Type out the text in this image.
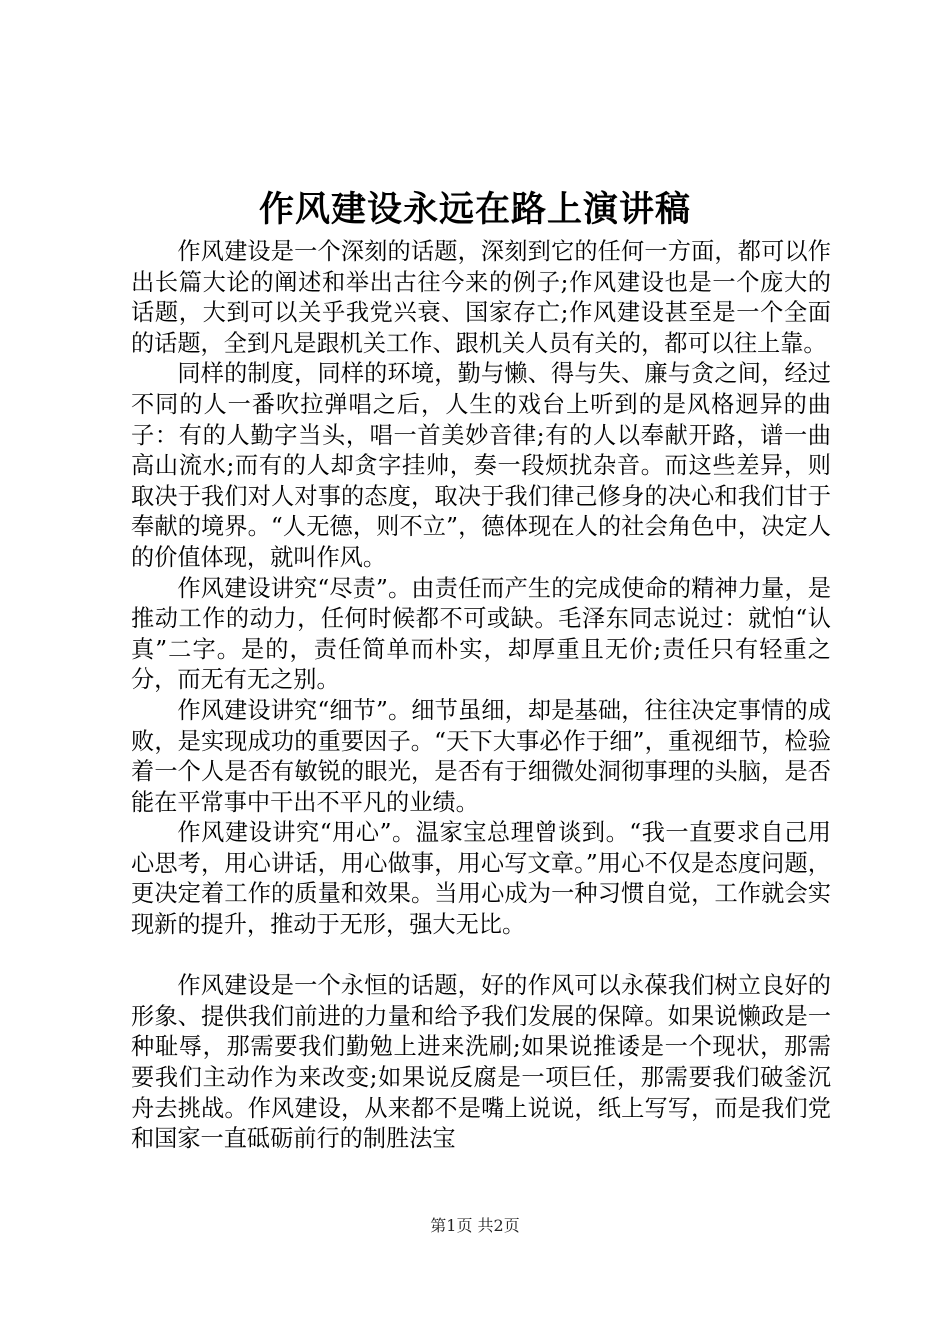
作风建设永远在路上演讲稿

作风建设是一个深刻的话题，深刻到它的任何一方面，都可以作出长篇大论的阐述和举出古往今来的例子;作风建设也是一个庞大的话题，大到可以关乎我党兴衰、国家存亡;作风建设甚至是一个全面的话题，全到凡是跟机关工作、跟机关人员有关的，都可以往上靠。

同样的制度，同样的环境，勤与懒、得与失、廉与贪之间，经过不同的人一番吹拉弹唱之后，人生的戏台上听到的是风格迥异的曲子：有的人勤字当头，唱一首美妙音律;有的人以奉献开路，谱一曲高山流水;而有的人却贪字挂帅，奏一段烦扰杂音。而这些差异，则取决于我们对人对事的态度，取决于我们律己修身的决心和我们甘于奉献的境界。“人无德，则不立”，德体现在人的社会角色中，决定人的价值体现，就叫作风。

作风建设讲究“尽责”。由责任而产生的完成使命的精神力量，是推动工作的动力，任何时候都不可或缺。毛泽东同志说过：就怕“认真”二字。是的，责任简单而朴实，却厚重且无价;责任只有轻重之分，而无有无之别。

作风建设讲究“细节”。细节虽细，却是基础，往往决定事情的成败，是实现成功的重要因子。“天下大事必作于细”，重视细节，检验着一个人是否有敏锐的眼光，是否有于细微处洞彻事理的头脑，是否能在平常事中干出不平凡的业绩。

作风建设讲究“用心”。温家宝总理曾谈到。“我一直要求自己用心思考，用心讲话，用心做事，用心写文章。”用心不仅是态度问题，更决定着工作的质量和效果。当用心成为一种习惯自觉，工作就会实现新的提升，推动于无形，强大无比。

作风建设是一个永恒的话题，好的作风可以永葆我们树立良好的形象、提供我们前进的力量和给予我们发展的保障。如果说懒政是一种耻辱，那需要我们勤勉上进来洗刷;如果说推诿是一个现状，那需要我们主动作为来改变;如果说反腐是一项巨任，那需要我们破釜沉舟去挑战。作风建设，从来都不是嘴上说说，纸上写写，而是我们党和国家一直砥砺前行的制胜法宝

第1页 共2页
